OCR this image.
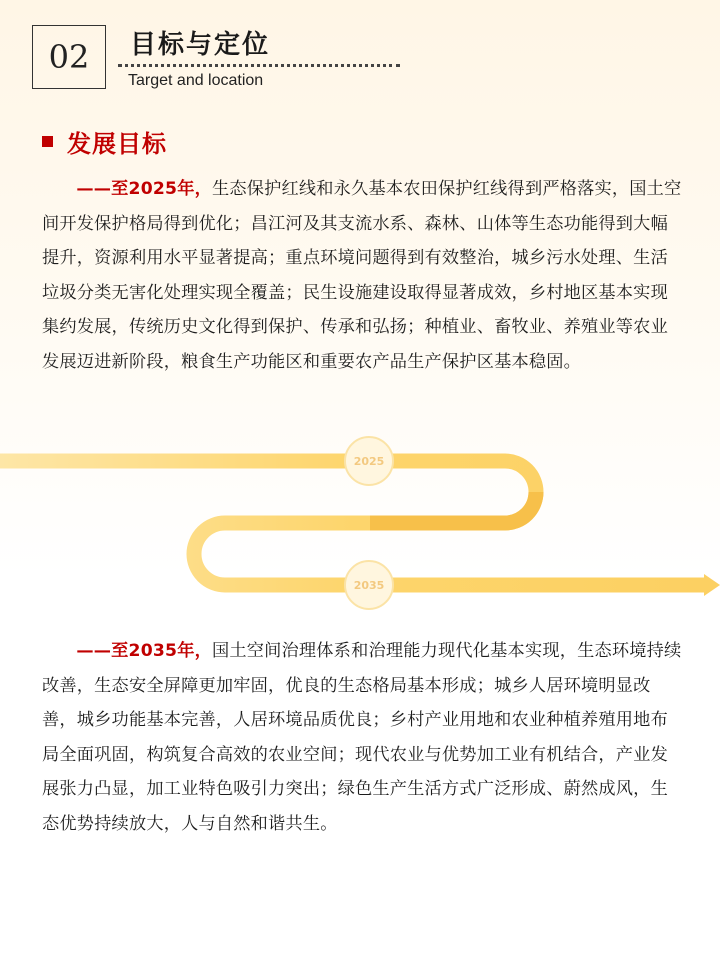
02 目标与定位
Target and location
发展目标

——至2025年，生态保护红线和永久基本农田保护红线得到严格落实，国土空间开发保护格局得到优化；昌江河及其支流水系、森林、山体等生态功能得到大幅提升，资源利用水平显著提高；重点环境问题得到有效整治，城乡污水处理、生活垃圾分类无害化处理实现全覆盖；民生设施建设取得显著成效，乡村地区基本实现集约发展，传统历史文化得到保护、传承和弘扬；种植业、畜牧业、养殖业等农业发展迈进新阶段，粮食生产功能区和重要农产品生产保护区基本稳固。

2025
2035

——至2035年，国土空间治理体系和治理能力现代化基本实现，生态环境持续改善，生态安全屏障更加牢固，优良的生态格局基本形成；城乡人居环境明显改善，城乡功能基本完善，人居环境品质优良；乡村产业用地和农业种植养殖用地布局全面巩固，构筑复合高效的农业空间；现代农业与优势加工业有机结合，产业发展张力凸显，加工业特色吸引力突出；绿色生产生活方式广泛形成、蔚然成风，生态优势持续放大，人与自然和谐共生。
